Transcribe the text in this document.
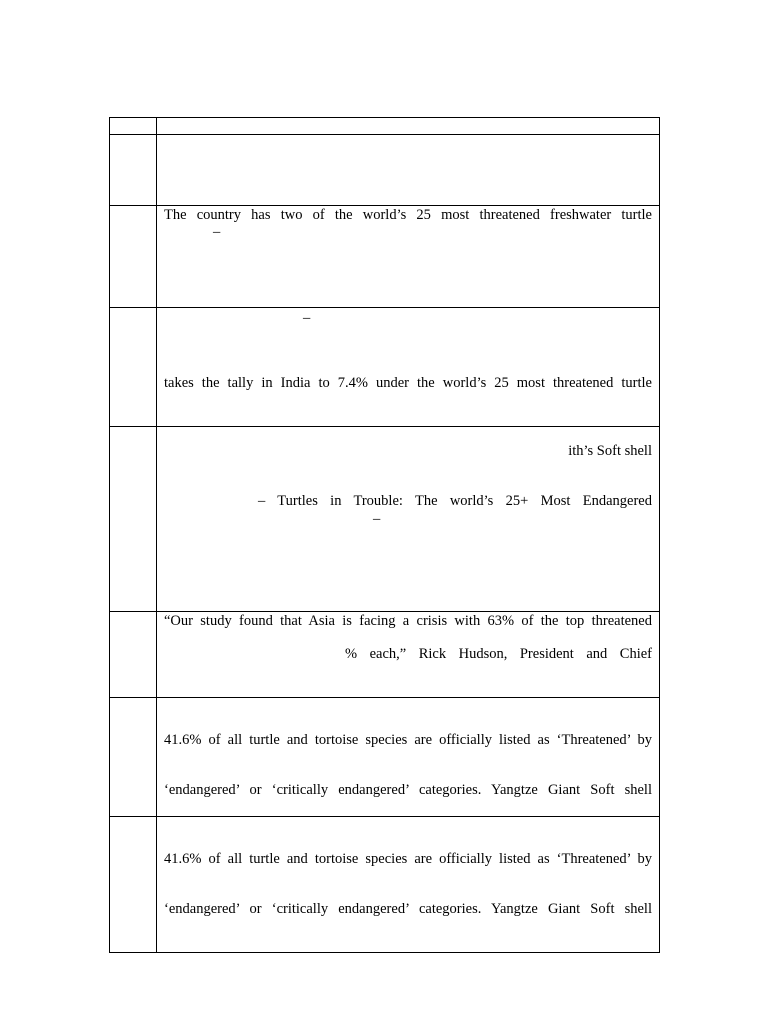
	The country has two of the world’s 25 most threatened freshwater turtle
–

	–
takes the tally in India to 7.4% under the world’s 25 most threatened turtle

	ith’s Soft shell
– Turtles in Trouble: The world’s 25+ Most Endangered
–

	“Our study found that Asia is facing a crisis with 63% of the top threatened
% each,” Rick Hudson, President and Chief

	41.6% of all turtle and tortoise species are officially listed as ‘Threatened’ by
‘endangered’ or ‘critically endangered’ categories. Yangtze Giant Soft shell

	41.6% of all turtle and tortoise species are officially listed as ‘Threatened’ by
‘endangered’ or ‘critically endangered’ categories. Yangtze Giant Soft shell
